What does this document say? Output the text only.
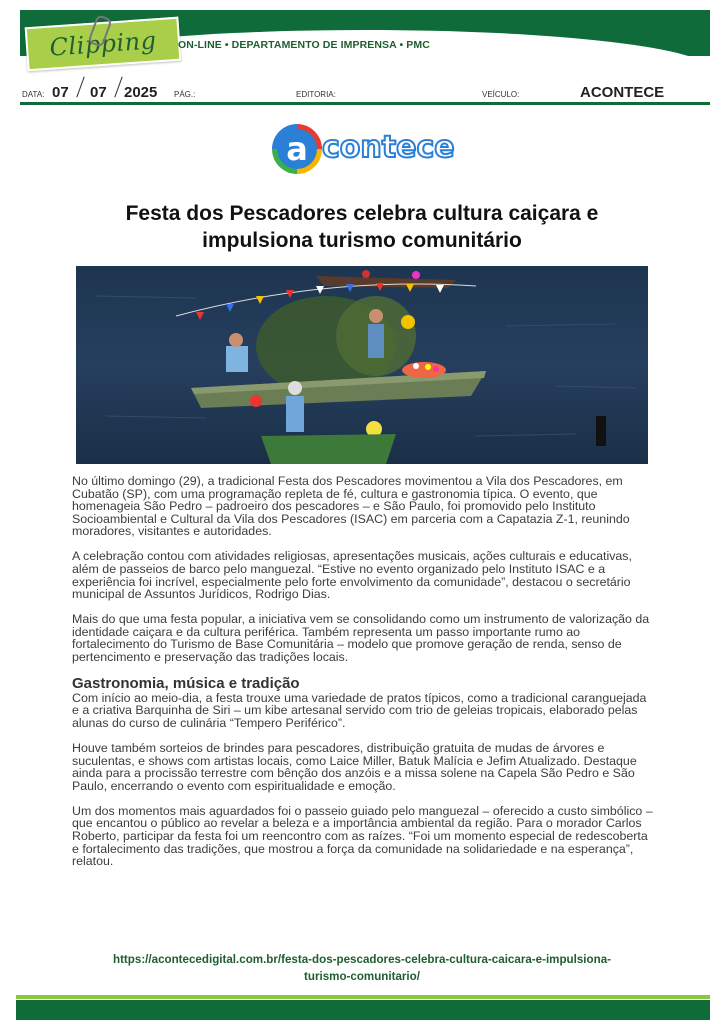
Clipping ON-LINE • DEPARTAMENTO DE IMPRENSA • PMC
DATA: 07 07 2025 PÁG.:	EDITORIA:	VEÍCULO:	ACONTECE
a contece
Festa dos Pescadores celebra cultura caiçara e
impulsiona turismo comunitário

No último domingo (29), a tradicional Festa dos Pescadores movimentou a Vila dos Pescadores, em Cubatão (SP), com uma programação repleta de fé, cultura e gastronomia típica. O evento, que homenageia São Pedro – padroeiro dos pescadores – e São Paulo, foi promovido pelo Instituto Socioambiental e Cultural da Vila dos Pescadores (ISAC) em parceria com a Capatazia Z-1, reunindo moradores, visitantes e autoridades.

A celebração contou com atividades religiosas, apresentações musicais, ações culturais e educativas, além de passeios de barco pelo manguezal. “Estive no evento organizado pelo Instituto ISAC e a experiência foi incrível, especialmente pelo forte envolvimento da comunidade”, destacou o secretário municipal de Assuntos Jurídicos, Rodrigo Dias.

Mais do que uma festa popular, a iniciativa vem se consolidando como um instrumento de valorização da identidade caiçara e da cultura periférica. Também representa um passo importante rumo ao fortalecimento do Turismo de Base Comunitária – modelo que promove geração de renda, senso de pertencimento e preservação das tradições locais.

Gastronomia, música e tradição

Com início ao meio-dia, a festa trouxe uma variedade de pratos típicos, como a tradicional caranguejada e a criativa Barquinha de Siri – um kibe artesanal servido com trio de geleias tropicais, elaborado pelas alunas do curso de culinária “Tempero Periférico”.

Houve também sorteios de brindes para pescadores, distribuição gratuita de mudas de árvores e suculentas, e shows com artistas locais, como Laice Miller, Batuk Malícia e Jefim Atualizado. Destaque ainda para a procissão terrestre com bênção dos anzóis e a missa solene na Capela São Pedro e São Paulo, encerrando o evento com espiritualidade e emoção.

Um dos momentos mais aguardados foi o passeio guiado pelo manguezal – oferecido a custo simbólico – que encantou o público ao revelar a beleza e a importância ambiental da região. Para o morador Carlos Roberto, participar da festa foi um reencontro com as raízes. “Foi um momento especial de redescoberta e fortalecimento das tradições, que mostrou a força da comunidade na solidariedade e na esperança”, relatou.

https://acontecedigital.com.br/festa-dos-pescadores-celebra-cultura-caicara-e-impulsiona-
turismo-comunitario/
